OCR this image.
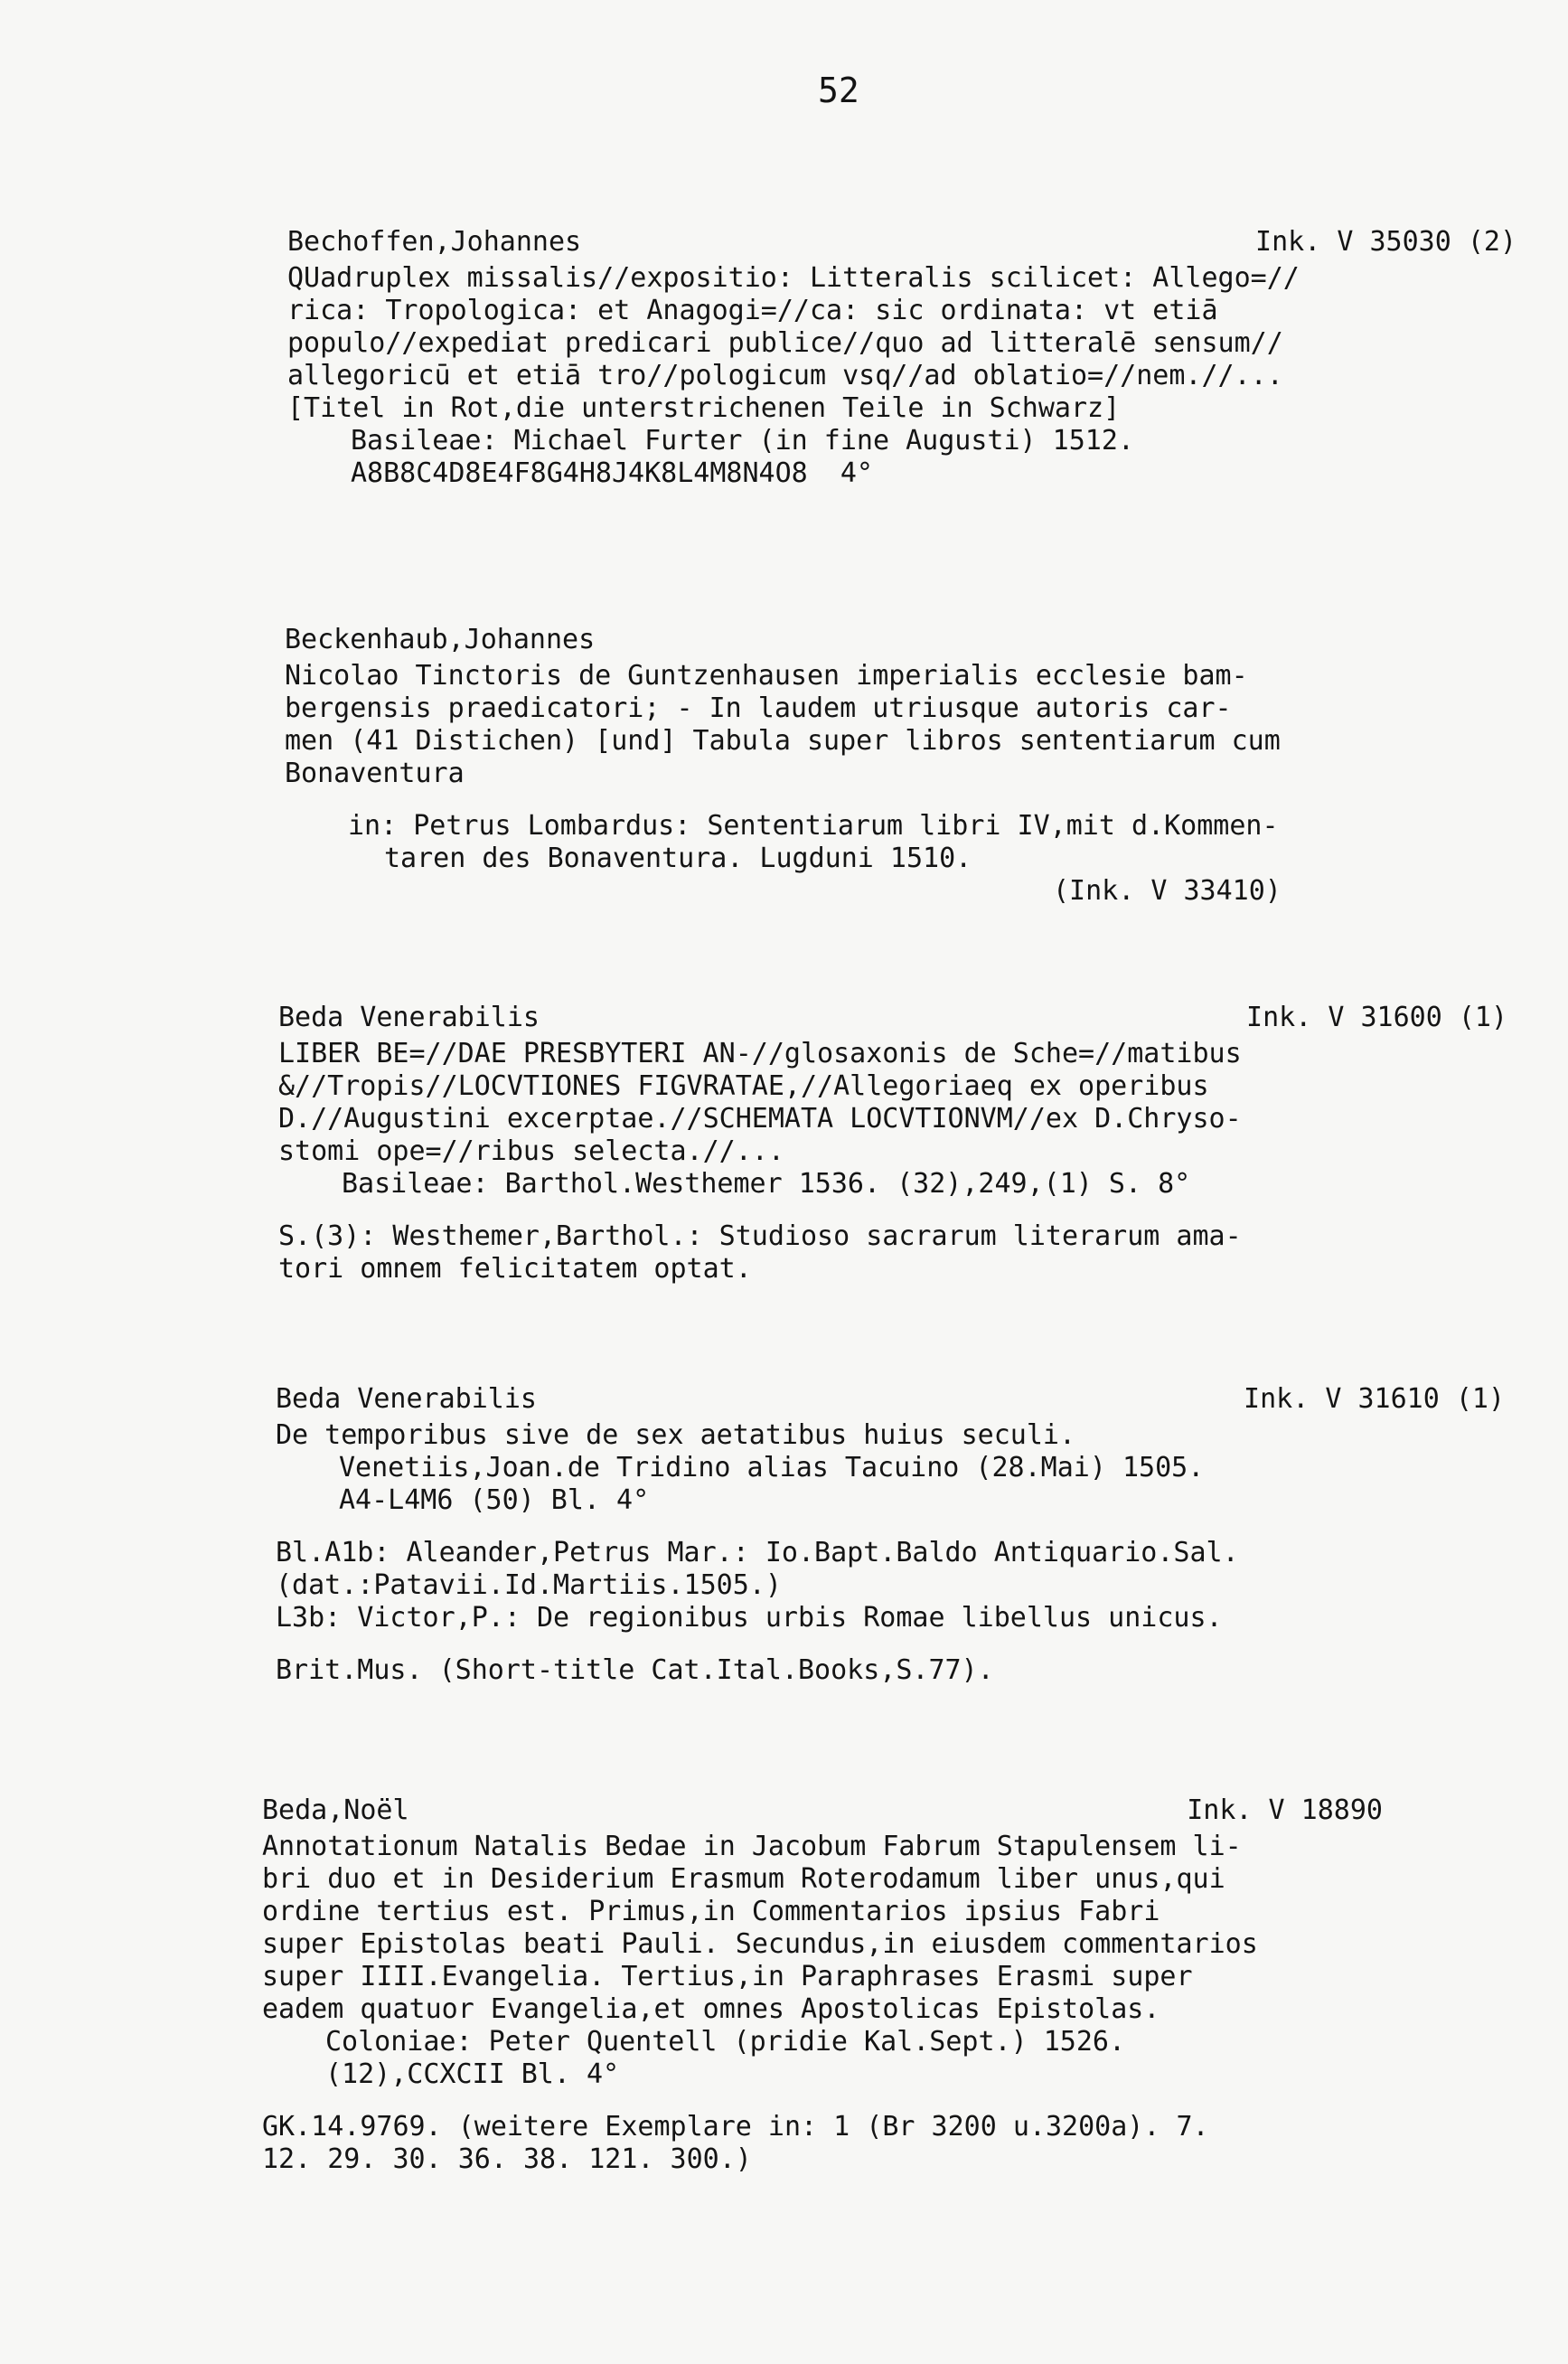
52
Bechoffen,Johannes	Ink. V 35030 (2)
QUadruplex missalis//expositio: Litteralis scilicet: Allego=//
rica: Tropologica: et Anagogi=//ca: sic ordinata: vt etiā
populo//expediat predicari publice//quo ad litteralē sensum//
allegoricū et etiā tro//pologicum vsq//ad oblatio=//nem.//...
[Titel in Rot,die unterstrichenen Teile in Schwarz]
Basileae: Michael Furter (in fine Augusti) 1512.
A8B8C4D8E4F8G4H8J4K8L4M8N4O8  4°
Beckenhaub,Johannes
Nicolao Tinctoris de Guntzenhausen imperialis ecclesie bam-
bergensis praedicatori; - In laudem utriusque autoris car-
men (41 Distichen) [und] Tabula super libros sententiarum cum
Bonaventura
in: Petrus Lombardus: Sententiarum libri IV,mit d.Kommen-
taren des Bonaventura. Lugduni 1510.
(Ink. V 33410)
Beda Venerabilis	Ink. V 31600 (1)
LIBER BE=//DAE PRESBYTERI AN-//glosaxonis de Sche=//matibus
&//Tropis//LOCVTIONES FIGVRATAE,//Allegoriaeq ex operibus
D.//Augustini excerptae.//SCHEMATA LOCVTIONVM//ex D.Chryso-
stomi ope=//ribus selecta.//...
Basileae: Barthol.Westhemer 1536. (32),249,(1) S. 8°
S.(3): Westhemer,Barthol.: Studioso sacrarum literarum ama-
tori omnem felicitatem optat.
Beda Venerabilis	Ink. V 31610 (1)
De temporibus sive de sex aetatibus huius seculi.
Venetiis,Joan.de Tridino alias Tacuino (28.Mai) 1505.
A4-L4M6 (50) Bl. 4°
Bl.A1b: Aleander,Petrus Mar.: Io.Bapt.Baldo Antiquario.Sal.
(dat.:Patavii.Id.Martiis.1505.)
L3b: Victor,P.: De regionibus urbis Romae libellus unicus.
Brit.Mus. (Short-title Cat.Ital.Books,S.77).
Beda,Noël	Ink. V 18890
Annotationum Natalis Bedae in Jacobum Fabrum Stapulensem li-
bri duo et in Desiderium Erasmum Roterodamum liber unus,qui
ordine tertius est. Primus,in Commentarios ipsius Fabri
super Epistolas beati Pauli. Secundus,in eiusdem commentarios
super IIII.Evangelia. Tertius,in Paraphrases Erasmi super
eadem quatuor Evangelia,et omnes Apostolicas Epistolas.
Coloniae: Peter Quentell (pridie Kal.Sept.) 1526.
(12),CCXCII Bl. 4°
GK.14.9769. (weitere Exemplare in: 1 (Br 3200 u.3200a). 7.
12. 29. 30. 36. 38. 121. 300.)
